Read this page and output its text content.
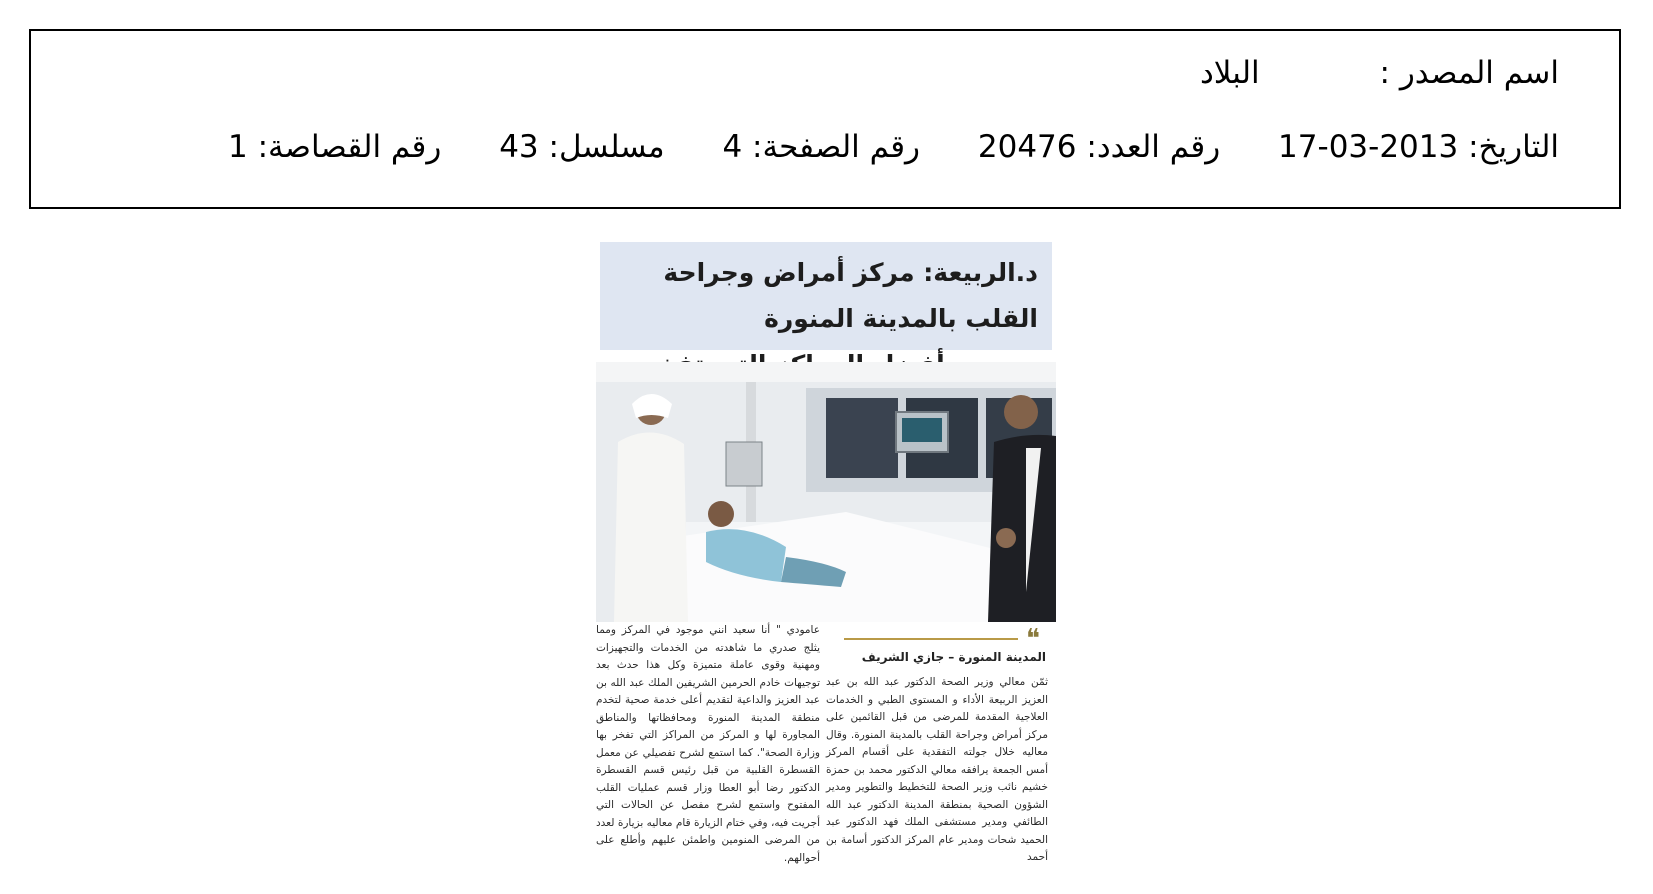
اسم المصدر : البلاد
التاريخ: 2013-03-17 رقم العدد: 20476 رقم الصفحة: 4 مسلسل: 43 رقم القصاصة: 1
د.الربيعة: مركز أمراض وجراحة القلب بالمدينة المنورة
❝
المدينة المنورة – جازي الشريف
ثمّن معالي وزير الصحة الدكتور عبد الله بن عبد العزيز الربيعة الأداء و المستوى الطبي و الخدمات العلاجية المقدمة للمرضى من قبل القائمين على مركز أمراض وجراحة القلب بالمدينة المنورة. وقال معاليه خلال جولته التفقدية على أقسام المركز أمس الجمعة يرافقه معالي الدكتور محمد بن حمزة خشيم نائب وزير الصحة للتخطيط والتطوير ومدير الشؤون الصحية بمنطقة المدينة الدكتور عبد الله الطائفي ومدير مستشفى الملك فهد الدكتور عبد الحميد شحات ومدير عام المركز الدكتور أسامة بن أحمد
عامودي " أنا سعيد انني موجود في المركز ومما يثلج صدري ما شاهدته من الخدمات والتجهيزات ومهنية وقوى عاملة متميزة وكل هذا حدث بعد توجيهات خادم الحرمين الشريفين الملك عبد الله بن عبد العزيز والداعية لتقديم أعلى خدمة صحية لتخدم منطقة المدينة المنورة ومحافظاتها والمناطق المجاورة لها و المركز من المراكز التي تفخر بها وزارة الصحة". كما استمع لشرح تفصيلي عن معمل القسطرة القلبية من قبل رئيس قسم القسطرة الدكتور رضا أبو العطا وزار قسم عمليات القلب المفتوح واستمع لشرح مفصل عن الحالات التي أجريت فيه، وفي ختام الزيارة قام معاليه بزيارة لعدد من المرضى المنومين واطمئن عليهم وأطلع على أحوالهم.
